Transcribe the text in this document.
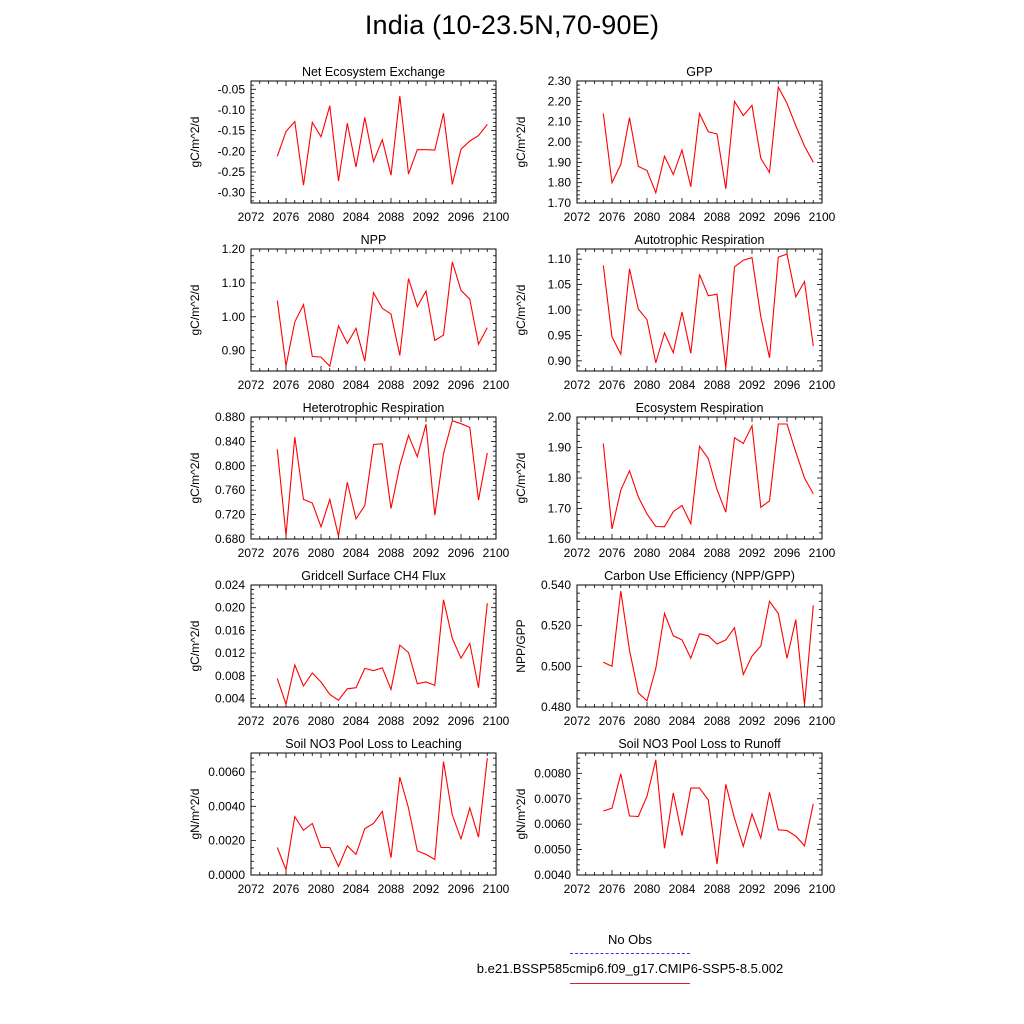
India (10-23.5N,70-90E)
Net Ecosystem Exchange
gC/m^2/d
2072 2076 2080 2084 2088 2092 2096 2100
-0.30
-0.25
-0.20
-0.15
-0.10
-0.05
GPP
gC/m^2/d
2072 2076 2080 2084 2088 2092 2096 2100
1.70
1.80
1.90
2.00
2.10
2.20
2.30
NPP
gC/m^2/d
2072 2076 2080 2084 2088 2092 2096 2100
0.90
1.00
1.10
1.20
Autotrophic Respiration
gC/m^2/d
2072 2076 2080 2084 2088 2092 2096 2100
0.90
0.95
1.00
1.05
1.10
Heterotrophic Respiration
gC/m^2/d
2072 2076 2080 2084 2088 2092 2096 2100
0.680
0.720
0.760
0.800
0.840
0.880
Ecosystem Respiration
gC/m^2/d
2072 2076 2080 2084 2088 2092 2096 2100
1.60
1.70
1.80
1.90
2.00
Gridcell Surface CH4 Flux
gC/m^2/d
2072 2076 2080 2084 2088 2092 2096 2100
0.004
0.008
0.012
0.016
0.020
0.024
Carbon Use Efficiency (NPP/GPP)
NPP/GPP
2072 2076 2080 2084 2088 2092 2096 2100
0.480
0.500
0.520
0.540
Soil NO3 Pool Loss to Leaching
gN/m^2/d
2072 2076 2080 2084 2088 2092 2096 2100
0.0000
0.0020
0.0040
0.0060
Soil NO3 Pool Loss to Runoff
gN/m^2/d
2072 2076 2080 2084 2088 2092 2096 2100
0.0040
0.0050
0.0060
0.0070
0.0080
No Obs
b.e21.BSSP585cmip6.f09_g17.CMIP6-SSP5-8.5.002
